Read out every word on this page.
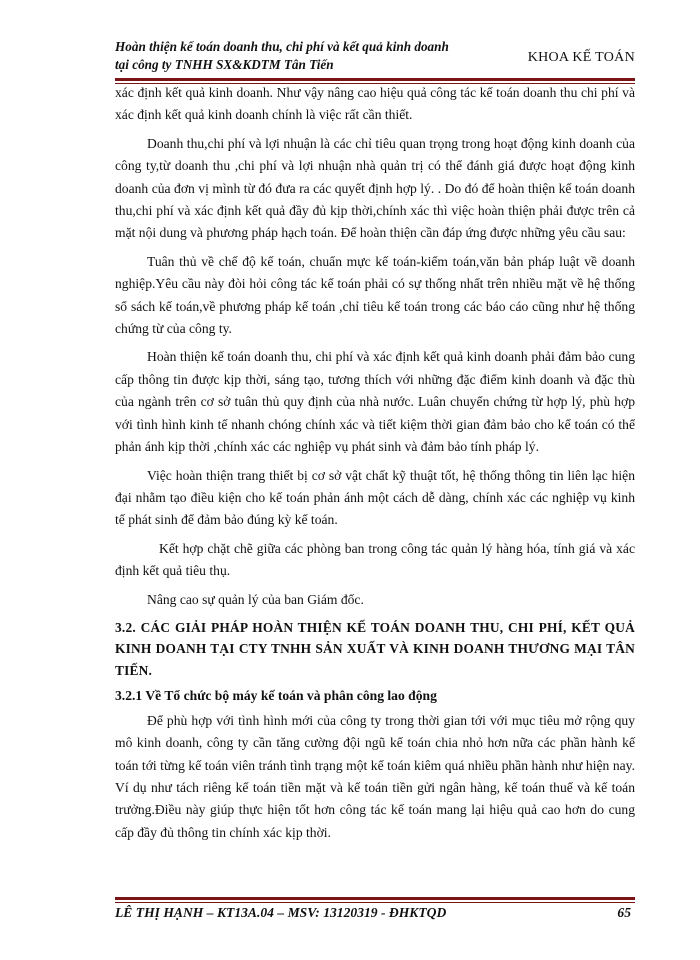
Hoàn thiện kế toán doanh thu, chi phí và kết quả kinh doanh
tại công ty TNHH SX&KDTM Tân Tiến	KHOA KẾ TOÁN

xác định kết quả kinh doanh. Như vậy nâng cao hiệu quả công tác kế toán doanh thu chi phí và xác định kết quả kinh doanh chính là việc rất cần thiết.

Doanh thu,chi phí và lợi nhuận là các chỉ tiêu quan trọng trong hoạt động kinh doanh của công ty,từ doanh thu ,chi phí và lợi nhuận nhà quản trị có thể đánh giá được hoạt động kinh doanh của đơn vị mình từ đó đưa ra các quyết định hợp lý. . Do đó để hoàn thiện kế toán doanh thu,chi phí và xác định kết quả đầy đủ kịp thời,chính xác thì việc hoàn thiện phải được trên cả mặt nội dung và phương pháp hạch toán. Để hoàn thiện cần đáp ứng được những yêu cầu sau:

Tuân thủ về chế độ kế toán, chuẩn mực kế toán-kiểm toán,văn bản pháp luật về doanh nghiệp.Yêu cầu này đòi hỏi công tác kế toán phải có sự thống nhất trên nhiều mặt về hệ thống sổ sách kế toán,về phương pháp kế toán ,chỉ tiêu kế toán trong các báo cáo cũng như hệ thống chứng từ của công ty.

Hoàn thiện kế toán doanh thu, chi phí và xác định kết quả kinh doanh phải đảm bảo cung cấp thông tin được kịp thời, sáng tạo, tương thích với những đặc điểm kinh doanh và đặc thù của ngành trên cơ sở tuân thủ quy định của nhà nước. Luân chuyển chứng từ hợp lý, phù hợp với tình hình kinh tế nhanh chóng chính xác và tiết kiệm thời gian đảm bảo cho kế toán có thể phản ánh kịp thời ,chính xác các nghiệp vụ phát sinh và đảm bảo tính pháp lý.

Việc hoàn thiện trang thiết bị cơ sở vật chất kỹ thuật tốt, hệ thống thông tin liên lạc hiện đại nhằm tạo điều kiện cho kế toán phản ánh một cách dễ dàng, chính xác các nghiệp vụ kinh tế phát sinh để đảm bảo đúng kỳ kế toán.

Kết hợp chặt chẽ giữa các phòng ban trong công tác quản lý hàng hóa, tính giá và xác định kết quả tiêu thụ.

Nâng cao sự quản lý của ban Giám đốc.

3.2. CÁC GIẢI PHÁP HOÀN THIỆN KẾ TOÁN DOANH THU, CHI PHÍ, KẾT QUẢ KINH DOANH TẠI CTY TNHH SẢN XUẤT VÀ KINH DOANH THƯƠNG MẠI TÂN TIẾN.

3.2.1 Về Tổ chức bộ máy kế toán và phân công lao động

Để phù hợp với tình hình mới của công ty trong thời gian tới với mục tiêu mở rộng quy mô kinh doanh, công ty cần tăng cường đội ngũ kế toán chia nhỏ hơn nữa các phần hành kế toán tới từng kế toán viên tránh tình trạng một kế toán kiêm quá nhiều phần hành như hiện nay. Ví dụ như tách riêng kế toán tiền mặt và kế toán tiền gửi ngân hàng, kế toán thuế và kế toán trưởng.Điều này giúp thực hiện tốt hơn công tác kế toán mang lại hiệu quả cao hơn do cung cấp đầy đủ thông tin chính xác kịp thời.

LÊ THỊ HẠNH – KT13A.04 – MSV: 13120319 - ĐHKTQD	65
